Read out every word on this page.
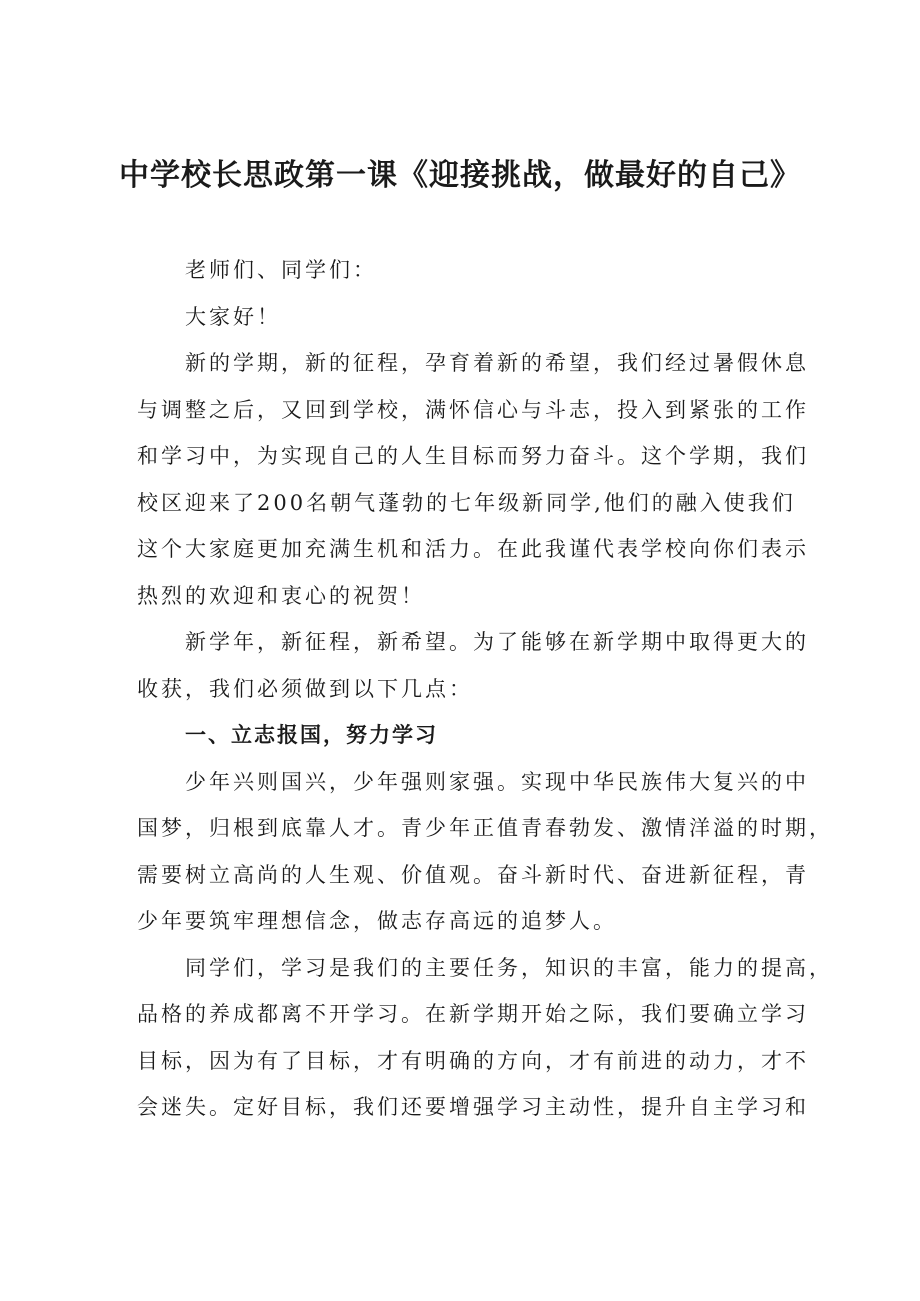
中学校长思政第一课《迎接挑战，做最好的自己》
老师们、同学们：
大家好！
新的学期，新的征程，孕育着新的希望，我们经过暑假休息
与调整之后，又回到学校，满怀信心与斗志，投入到紧张的工作
和学习中，为实现自己的人生目标而努力奋斗。这个学期，我们
校区迎来了200名朝气蓬勃的七年级新同学,他们的融入使我们
这个大家庭更加充满生机和活力。在此我谨代表学校向你们表示
热烈的欢迎和衷心的祝贺！
新学年，新征程，新希望。为了能够在新学期中取得更大的
收获，我们必须做到以下几点：
一、立志报国，努力学习
少年兴则国兴，少年强则家强。实现中华民族伟大复兴的中
国梦，归根到底靠人才。青少年正值青春勃发、激情洋溢的时期，
需要树立高尚的人生观、价值观。奋斗新时代、奋进新征程，青
少年要筑牢理想信念，做志存高远的追梦人。
同学们，学习是我们的主要任务，知识的丰富，能力的提高，
品格的养成都离不开学习。在新学期开始之际，我们要确立学习
目标，因为有了目标，才有明确的方向，才有前进的动力，才不
会迷失。定好目标，我们还要增强学习主动性，提升自主学习和
